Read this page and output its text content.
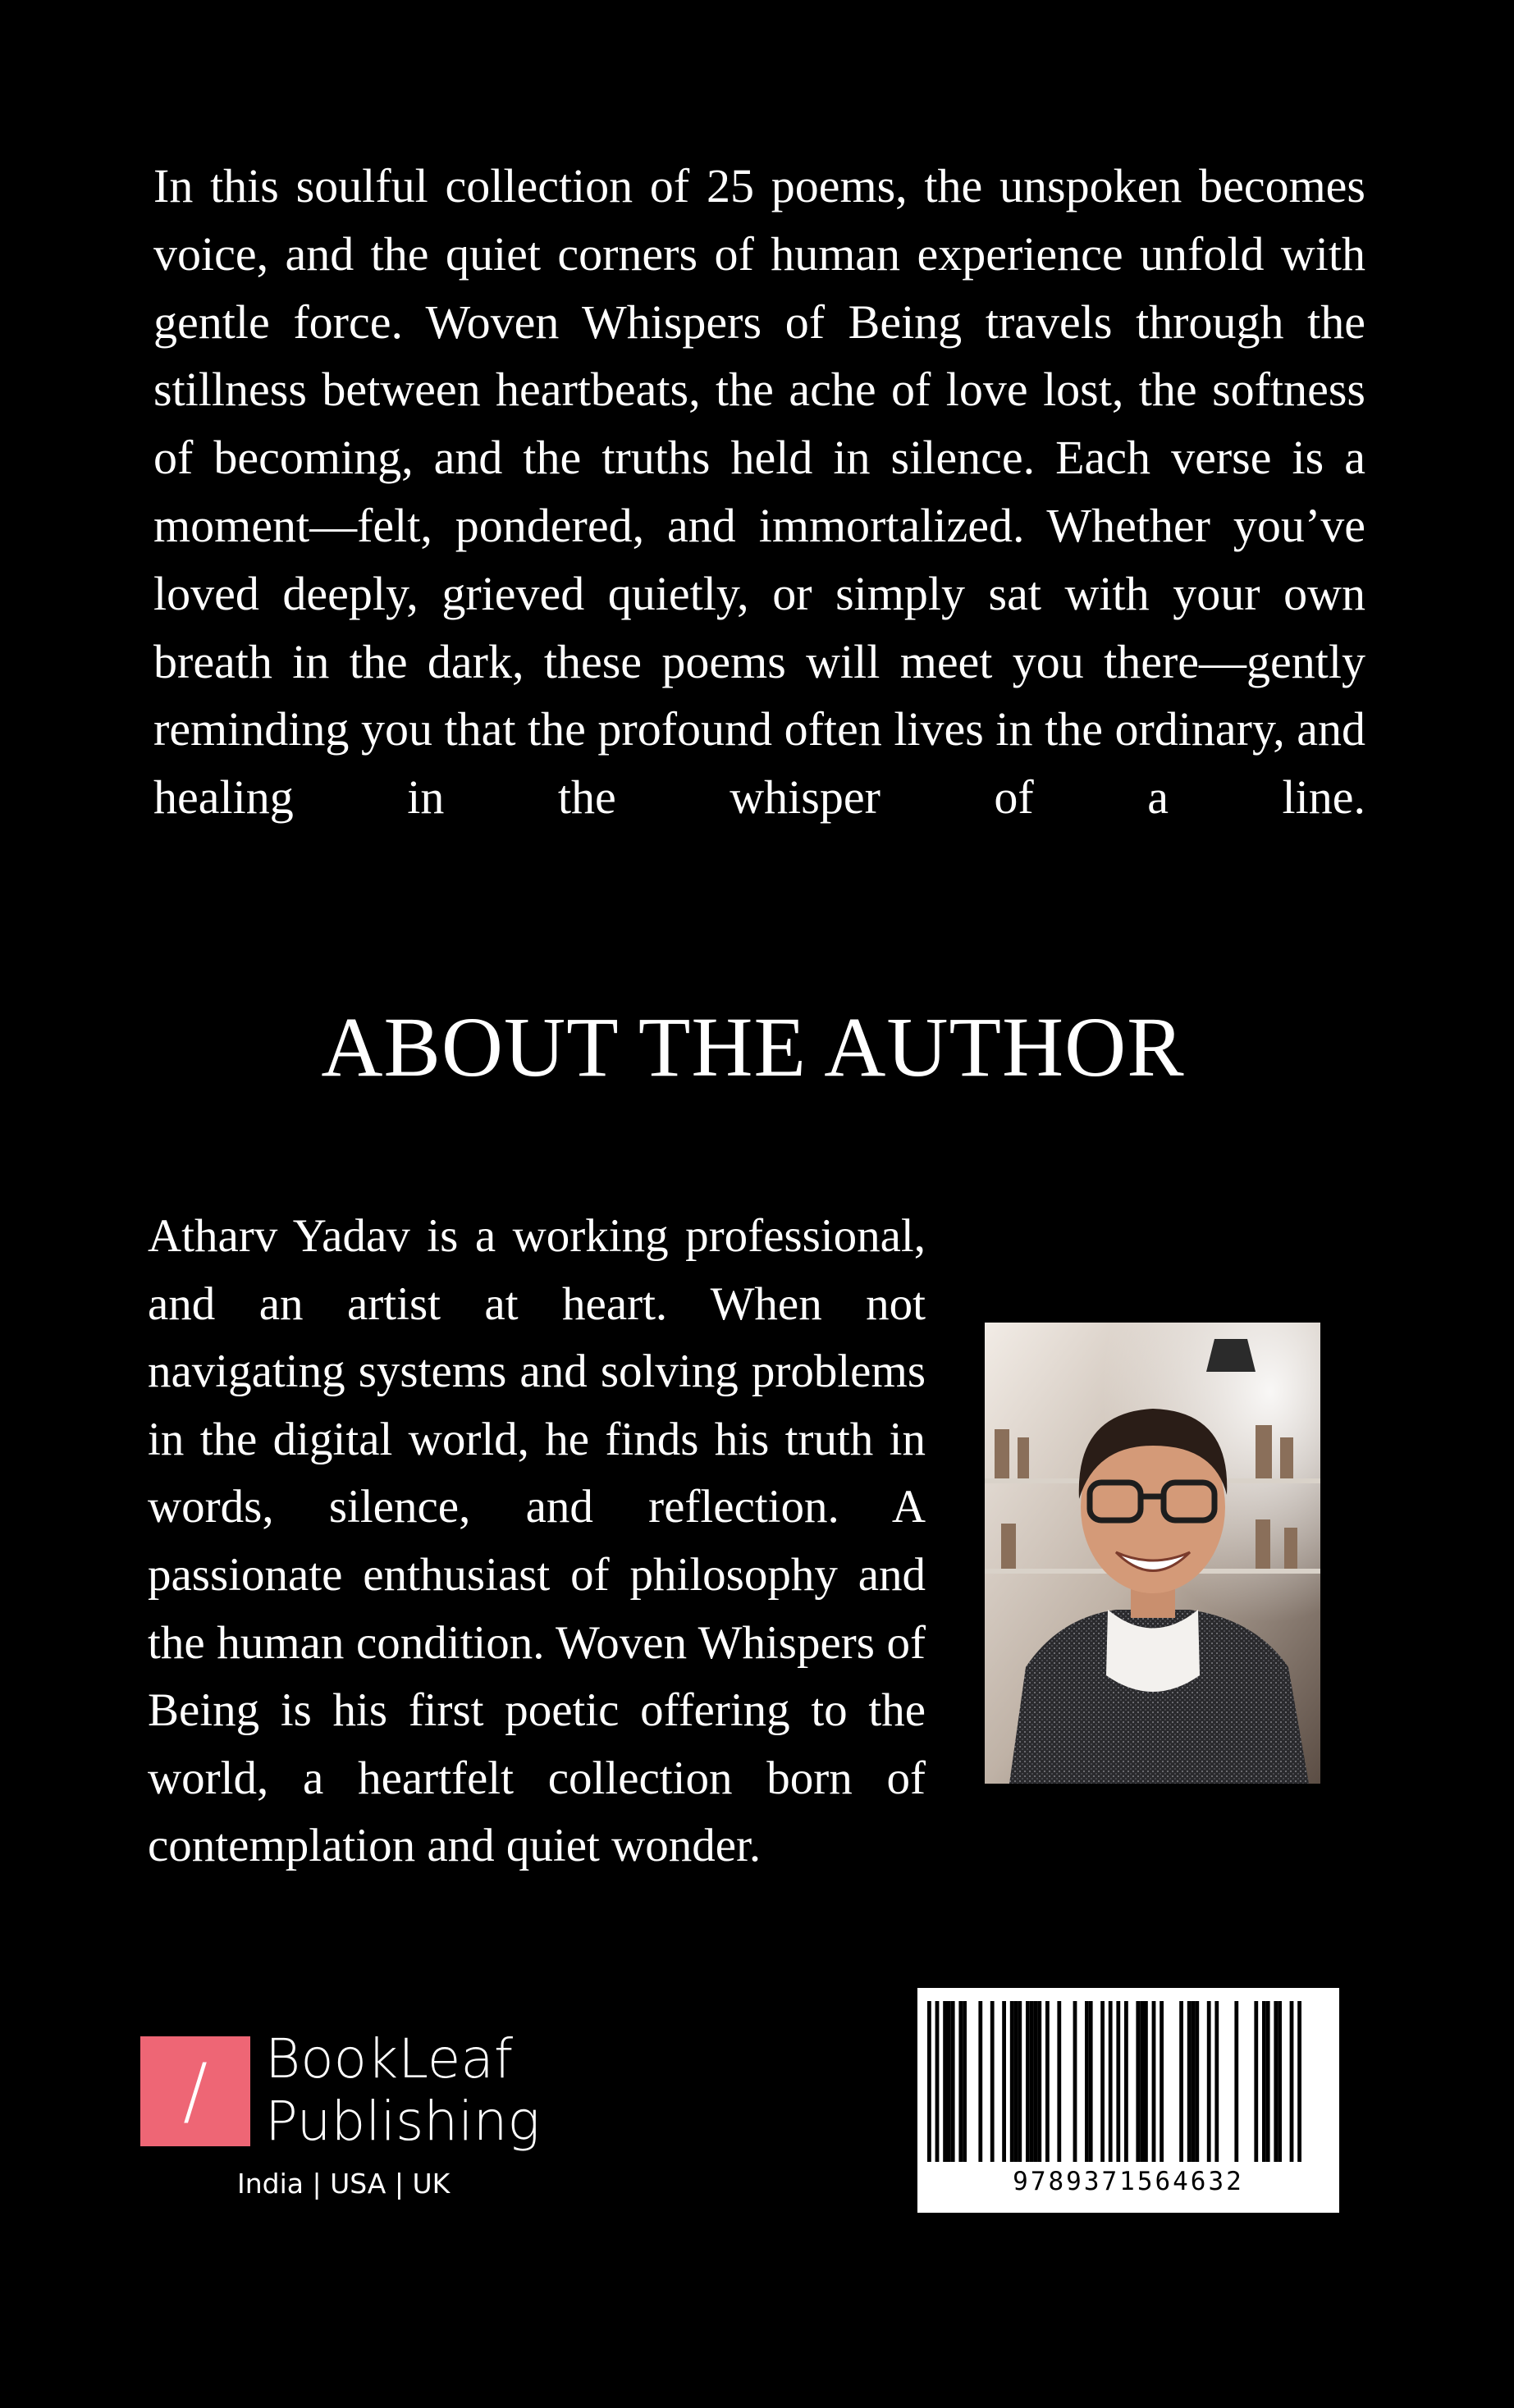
In this soulful collection of 25 poems, the unspoken becomes voice, and the quiet corners of human experience unfold with gentle force. Woven Whispers of Being travels through the stillness between heartbeats, the ache of love lost, the softness of becoming, and the truths held in silence. Each verse is a moment—felt, pondered, and immortalized. Whether you’ve loved deeply, grieved quietly, or simply sat with your own breath in the dark, these poems will meet you there—gently reminding you that the profound often lives in the ordinary, and healing in the whisper of a line.

ABOUT THE AUTHOR

Atharv Yadav is a working professional, and an artist at heart. When not navigating systems and solving problems in the digital world, he finds his truth in words, silence, and reflection. A passionate enthusiast of philosophy and the human condition. Woven Whispers of Being is his first poetic offering to the world, a heartfelt collection born of contemplation and quiet wonder.

/	BookLeaf
Publishing
India | USA | UK	9789371564632
